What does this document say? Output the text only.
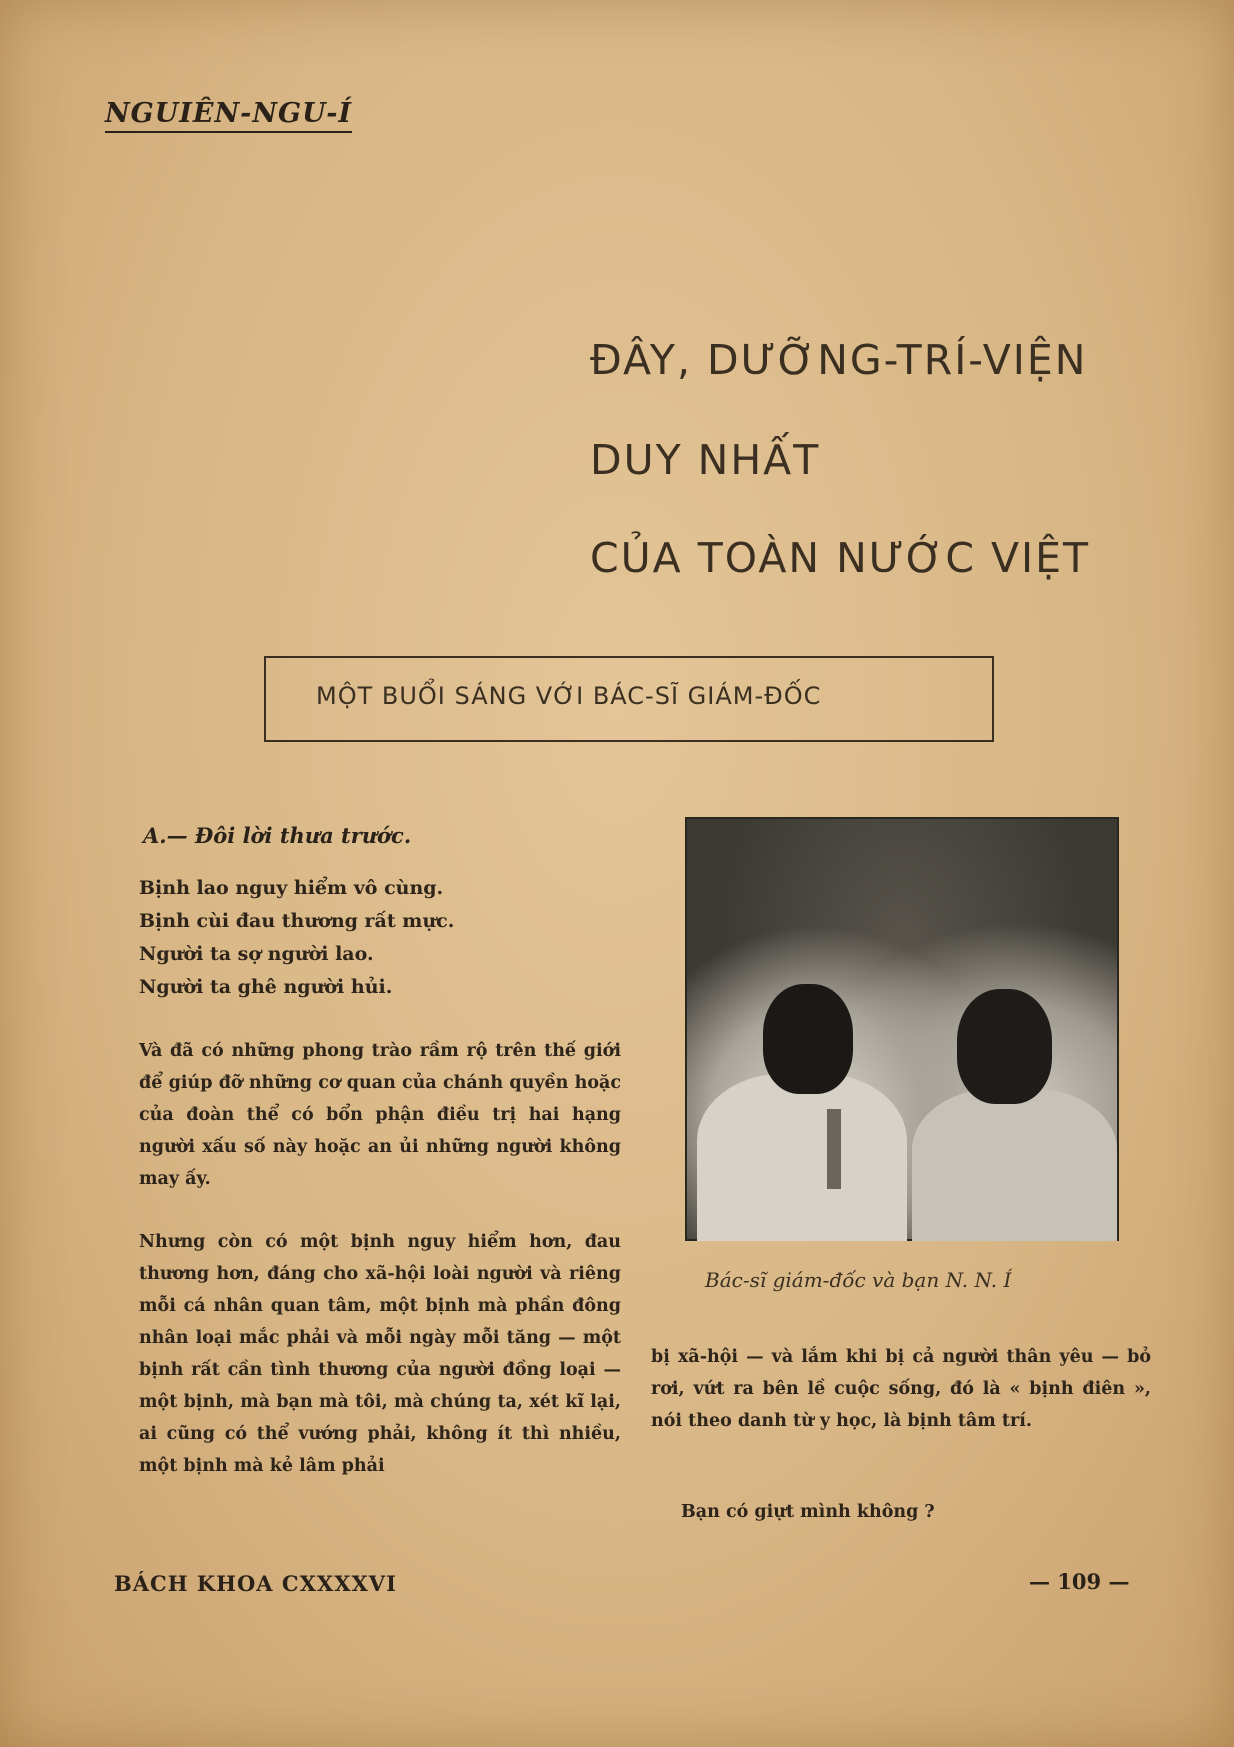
NGUIÊN-NGU-Í
ĐÂY, DƯỠNG-TRÍ-VIỆN
DUY NHẤT
CỦA TOÀN NƯỚC VIỆT
MỘT BUỔI SÁNG VỚI BÁC-SĨ GIÁM-ĐỐC
A.— Đôi lời thưa trước.
Bịnh lao nguy hiểm vô cùng.
Bịnh cùi đau thương rất mực.
Người ta sợ người lao.
Người ta ghê người hủi.
Và đã có những phong trào rầm rộ trên thế giới để giúp đỡ những cơ quan của chánh quyền hoặc của đoàn thể có bổn phận điều trị hai hạng người xấu số này hoặc an ủi những người không may ấy.
Nhưng còn có một bịnh nguy hiểm hơn, đau thương hơn, đáng cho xã-hội loài người và riêng mỗi cá nhân quan tâm, một bịnh mà phần đông nhân loại mắc phải và mỗi ngày mỗi tăng — một bịnh rất cần tình thương của người đồng loại — một bịnh, mà bạn mà tôi, mà chúng ta, xét kĩ lại, ai cũng có thể vướng phải, không ít thì nhiều, một bịnh mà kẻ lâm phải
Bác-sĩ giám-đốc và bạn N. N. Í
bị xã-hội — và lắm khi bị cả người thân yêu — bỏ rơi, vứt ra bên lề cuộc sống, đó là « bịnh điên », nói theo danh từ y học, là bịnh tâm trí.
Bạn có giựt mình không ?
BÁCH KHOA CXXXXVI	— 109 —
